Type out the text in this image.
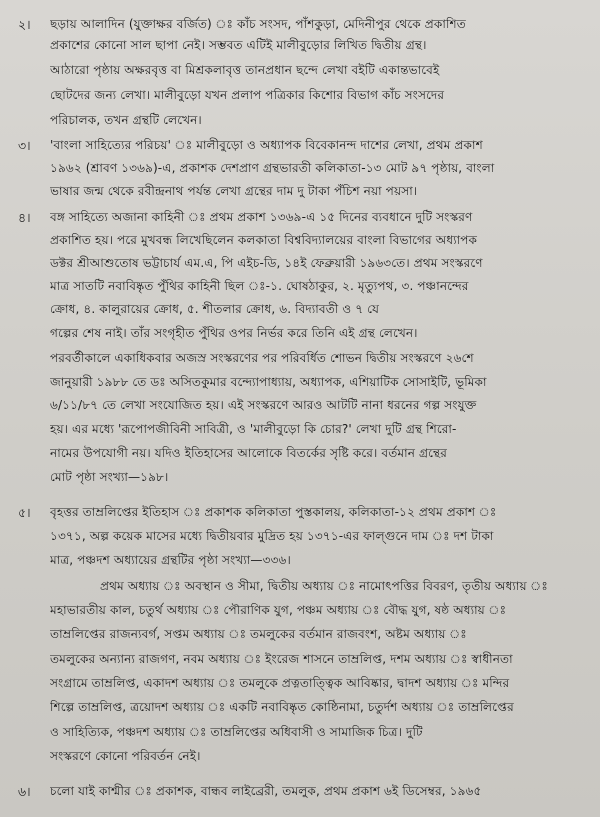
২। ছড়ায় আলাদিন (যুক্তাক্ষর বর্জিত) ঃ কাঁচ সংসদ, পাঁশকুড়া, মেদিনীপুর থেকে প্রকাশিত
প্রকাশের কোনো সাল ছাপা নেই। সম্ভবত এটিই মালীবুড়োর লিখিত দ্বিতীয় গ্রন্থ।
আঠারো পৃষ্ঠায় অক্ষরবৃত্ত বা মিশ্রকলাবৃত্ত তানপ্রধান ছন্দে লেখা বইটি একান্তভাবেই
ছোটদের জন্য লেখা। মালীবুড়ো যখন প্রলাপ পত্রিকার কিশোর বিভাগ কাঁচ সংসদের
পরিচালক, তখন গ্রন্থটি লেখেন।
৩। 'বাংলা সাহিত্যের পরিচয়' ঃ মালীবুড়ো ও অধ্যাপক বিবেকানন্দ দাশের লেখা, প্রথম প্রকাশ
১৯৬২ (শ্রাবণ ১৩৬৯)-এ, প্রকাশক দেশপ্রাণ গ্রন্থভারতী কলিকাতা-১৩ মোট ৯৭ পৃষ্ঠায়, বাংলা
ভাষার জন্ম থেকে রবীন্দ্রনাথ পর্যন্ত লেখা গ্রন্থের দাম দু টাকা পঁচিশ নয়া পয়সা।
৪। বঙ্গ সাহিত্যে অজানা কাহিনী ঃ প্রথম প্রকাশ ১৩৬৯-এ ১৫ দিনের ব্যবধানে দুটি সংস্করণ
প্রকাশিত হয়। পরে মুখবন্ধ লিখেছিলেন কলকাতা বিশ্ববিদ্যালয়ের বাংলা বিভাগের অধ্যাপক
ডক্টর শ্রীআশুতোষ ভট্টাচার্য এম.এ, পি এইচ-ডি, ১৪ই ফেব্রুয়ারী ১৯৬৩তে। প্রথম সংস্করণে
মাত্র সাতটি নবাবিষ্কৃত পুঁথির কাহিনী ছিল ঃ-১. ঘোষঠাকুর, ২. মৃত্যুপথ, ৩. পঞ্চানন্দের
ক্রোধ, ৪. কালুরায়ের ক্রোধ, ৫. শীতলার ক্রোধ, ৬. বিদ্যাবতী ও ৭ যে
গল্পের শেষ নাই। তাঁর সংগৃহীত পুঁথির ওপর নির্ভর করে তিনি এই গ্রন্থ লেখেন।
পরবর্তীকালে একাধিকবার অজস্র সংস্করণের পর পরিবর্ধিত শোভন দ্বিতীয় সংস্করণে ২৬শে
জানুয়ারী ১৯৮৮ তে ডঃ অসিতকুমার বন্দ্যোপাধ্যায়, অধ্যাপক, এশিয়াটিক সোসাইটি, ভূমিকা
৬/১১/৮৭ তে লেখা সংযোজিত হয়। এই সংস্করণে আরও আটটি নানা ধরনের গল্প সংযুক্ত
হয়। এর মধ্যে 'রূপোপজীবিনী সাবিত্রী, ও 'মালীবুড়ো কি চোর?' লেখা দুটি গ্রন্থ শিরো-
নামের উপযোগী নয়। যদিও ইতিহাসের আলোকে বিতর্কের সৃষ্টি করে। বর্তমান গ্রন্থের
মোট পৃষ্ঠা সংখ্যা—১৯৮।
৫। বৃহত্তর তাম্রলিপ্তের ইতিহাস ঃ প্রকাশক কলিকাতা পুস্তকালয়, কলিকাতা-১২ প্রথম প্রকাশ ঃ
১৩৭১, অল্প কয়েক মাসের মধ্যে দ্বিতীয়বার মুদ্রিত হয় ১৩৭১-এর ফাল্গুনে দাম ঃ দশ টাকা
মাত্র, পঞ্চদশ অধ্যায়ের গ্রন্থটির পৃষ্ঠা সংখ্যা—৩৩৬।
প্রথম অধ্যায় ঃ অবস্থান ও সীমা, দ্বিতীয় অধ্যায় ঃ নামোৎপত্তির বিবরণ, তৃতীয় অধ্যায় ঃ
মহাভারতীয় কাল, চতুর্থ অধ্যায় ঃ পৌরাণিক যুগ, পঞ্চম অধ্যায় ঃ বৌদ্ধ যুগ, ষষ্ঠ অধ্যায় ঃ
তাম্রলিপ্তের রাজন্যবর্গ, সপ্তম অধ্যায় ঃ তমলুকের বর্তমান রাজবংশ, অষ্টম অধ্যায় ঃ
তমলুকের অন্যান্য রাজগণ, নবম অধ্যায় ঃ ইংরেজ শাসনে তাম্রলিপ্ত, দশম অধ্যায় ঃ স্বাধীনতা
সংগ্রামে তাম্রলিপ্ত, একাদশ অধ্যায় ঃ তমলুকে প্রত্নতাত্ত্বিক আবিষ্কার, দ্বাদশ অধ্যায় ঃ মন্দির
শিল্পে তাম্রলিপ্ত, ত্রয়োদশ অধ্যায় ঃ একটি নবাবিষ্কৃত কোষ্ঠিনামা, চতুর্দশ অধ্যায় ঃ তাম্রলিপ্তের
ও সাহিত্যিক, পঞ্চদশ অধ্যায় ঃ তাম্রলিপ্তের অধিবাসী ও সামাজিক চিত্র। দুটি
সংস্করণে কোনো পরিবর্তন নেই।
৬। চলো যাই কাশ্মীর ঃ প্রকাশক, বান্ধব লাইব্রেরী, তমলুক, প্রথম প্রকাশ ৬ই ডিসেম্বর, ১৯৬৫
